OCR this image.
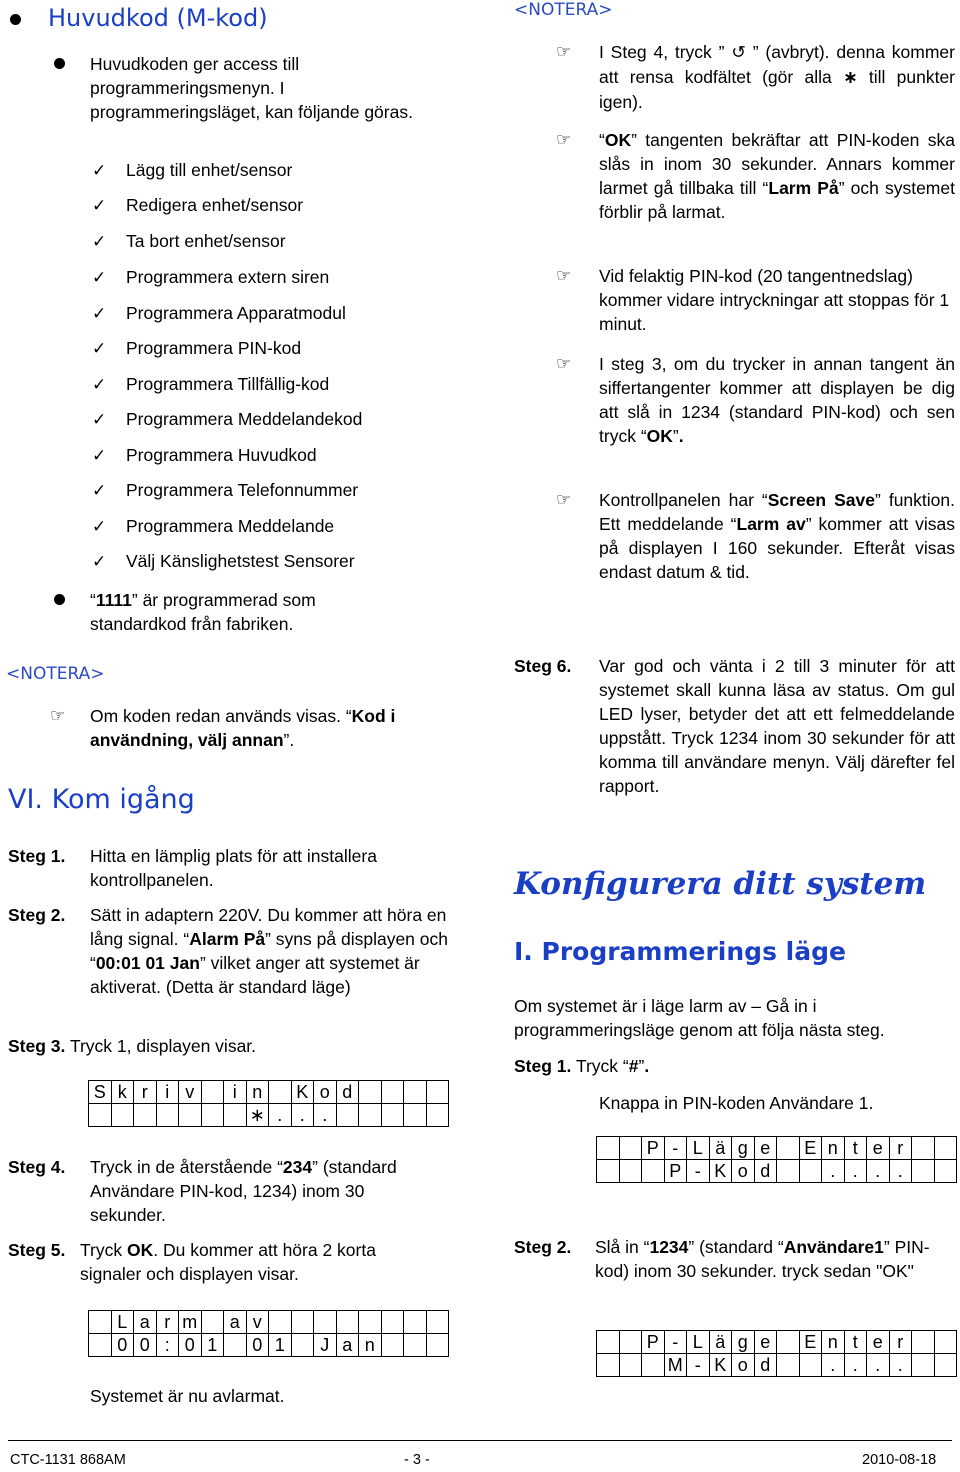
Huvudkod (M-kod)
Huvudkoden ger access till programmeringsmenyn. I programmeringsläget, kan följande göras.
✓ Lägg till enhet/sensor
✓ Redigera enhet/sensor
✓ Ta bort enhet/sensor
✓ Programmera extern siren
✓ Programmera Apparatmodul
✓ Programmera PIN-kod
✓ Programmera Tillfällig-kod
✓ Programmera Meddelandekod
✓ Programmera Huvudkod
✓ Programmera Telefonnummer
✓ Programmera Meddelande
✓ Välj Känslighetstest Sensorer
“1111” är programmerad som standardkod från fabriken.
<NOTERA>
☞ Om koden redan används visas. “Kod i användning, välj annan”.
VI. Kom igång
Steg 1. Hitta en lämplig plats för att installera kontrollpanelen.
Steg 2. Sätt in adaptern 220V. Du kommer att höra en lång signal. “Alarm På” syns på displayen och “00:01 01 Jan” vilket anger att systemet är aktiverat. (Detta är standard läge)
Steg 3. Tryck 1, displayen visar.
S	k	r	i	v		i	n		K	o	d				
							∗	.	.	.					
Steg 4. Tryck in de återstående “234” (standard Användare PIN-kod, 1234) inom 30 sekunder.
Steg 5. Tryck OK. Du kommer att höra 2 korta signaler och displayen visar.
	L	a	r	m		a	v								
	0	0	:	0	1		0	1		J	a	n			
Systemet är nu avlarmat.
<NOTERA>
☞ I Steg 4, tryck ” ↺ ” (avbryt). denna kommer att rensa kodfältet (gör alla ∗ till punkter igen).
☞ “OK” tangenten bekräftar att PIN-koden ska slås in inom 30 sekunder. Annars kommer larmet gå tillbaka till “Larm På” och systemet förblir på larmat.
☞ Vid felaktig PIN-kod (20 tangentnedslag) kommer vidare intryckningar att stoppas för 1 minut.
☞ I steg 3, om du trycker in annan tangent än siffertangenter kommer att displayen be dig att slå in 1234 (standard PIN-kod) och sen tryck “OK”.
☞ Kontrollpanelen har “Screen Save” funktion. Ett meddelande “Larm av” kommer att visas på displayen I 160 sekunder. Efteråt visas endast datum & tid.
Steg 6. Var god och vänta i 2 till 3 minuter för att systemet skall kunna läsa av status. Om gul LED lyser, betyder det att ett felmeddelande uppstått. Tryck 1234 inom 30 sekunder för att komma till användare menyn. Välj därefter fel rapport.
Konfigurera ditt system
I. Programmerings läge
Om systemet är i läge larm av – Gå in i programmeringsläge genom att följa nästa steg.
Steg 1. Tryck “#”.
Knappa in PIN-koden Användare 1.
		P	-	L	ä	g	e		E	n	t	e	r		
			P	-	K	o	d			.	.	.	.		
Steg 2. Slå in “1234” (standard “Användare1” PIN-kod) inom 30 sekunder. tryck sedan "OK"
		P	-	L	ä	g	e		E	n	t	e	r		
			M	-	K	o	d			.	.	.	.		
CTC-1131 868AM	- 3 -	2010-08-18
